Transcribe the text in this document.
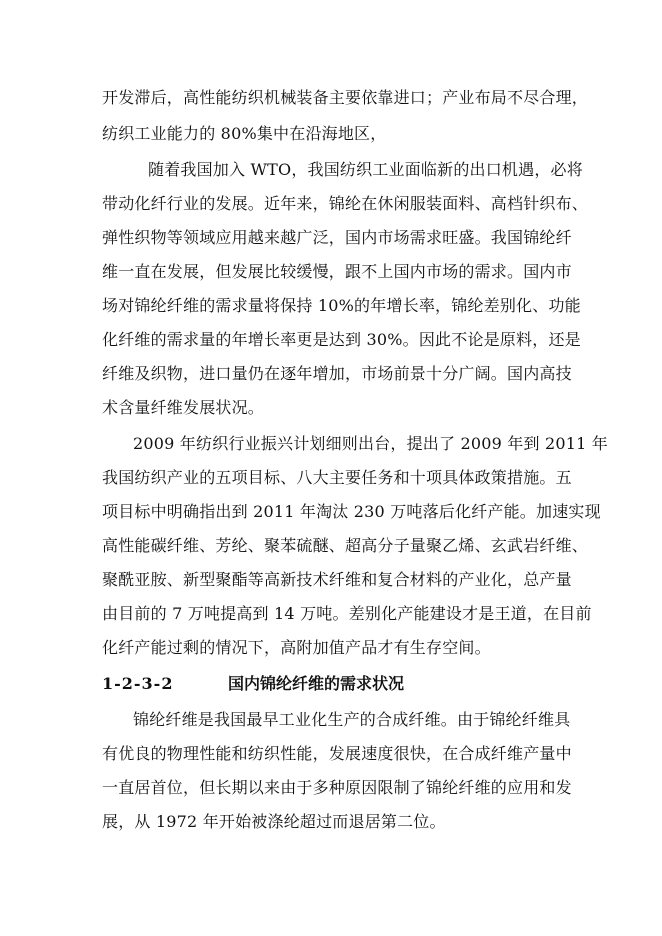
开发滞后，高性能纺织机械装备主要依靠进口；产业布局不尽合理，
纺织工业能力的 80%集中在沿海地区，
随着我国加入 WTO，我国纺织工业面临新的出口机遇，必将
带动化纤行业的发展。近年来，锦纶在休闲服装面料、高档针织布、
弹性织物等领域应用越来越广泛，国内市场需求旺盛。我国锦纶纤
维一直在发展，但发展比较缓慢，跟不上国内市场的需求。国内市
场对锦纶纤维的需求量将保持 10%的年增长率，锦纶差别化、功能
化纤维的需求量的年增长率更是达到 30%。因此不论是原料，还是
纤维及织物，进口量仍在逐年增加，市场前景十分广阔。国内高技
术含量纤维发展状况。
2009 年纺织行业振兴计划细则出台，提出了 2009 年到 2011 年
我国纺织产业的五项目标、八大主要任务和十项具体政策措施。五
项目标中明确指出到 2011 年淘汰 230 万吨落后化纤产能。加速实现
高性能碳纤维、芳纶、聚苯硫醚、超高分子量聚乙烯、玄武岩纤维、
聚酰亚胺、新型聚酯等高新技术纤维和复合材料的产业化，总产量
由目前的 7 万吨提高到 14 万吨。差别化产能建设才是王道，在目前
化纤产能过剩的情况下，高附加值产品才有生存空间。
1-2-3-2	国内锦纶纤维的需求状况
锦纶纤维是我国最早工业化生产的合成纤维。由于锦纶纤维具
有优良的物理性能和纺织性能，发展速度很快，在合成纤维产量中
一直居首位，但长期以来由于多种原因限制了锦纶纤维的应用和发
展，从 1972 年开始被涤纶超过而退居第二位。
